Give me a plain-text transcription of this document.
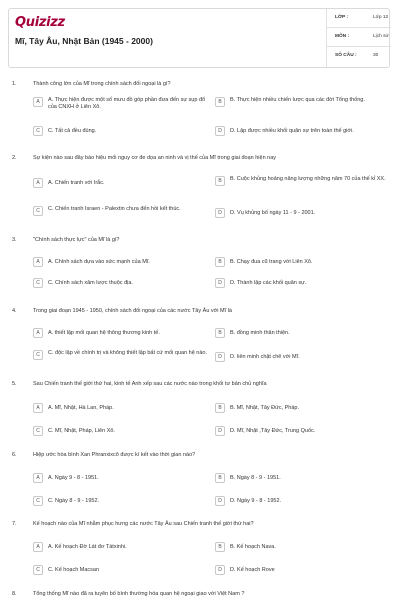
Quizizz
Mĩ, Tây Âu, Nhật Bản (1945 - 2000)
LỚP :	Lớp 12
MÔN :	Lịch sử
SỐ CÂU :	30
1.	Thành công lớn của Mĩ trong chính sách đối ngoại là gì?
A	A. Thực hiện được một số mưu đồ góp phần đưa đến sự sụp đổ của CNXH ở Liên Xô.
B	B. Thực hiện nhiều chiến lược qua các đời Tổng thống.
C	C. Tất cả đều đúng.	D	D. Lập được nhiều khối quân sự trên toàn thế giới.
2.	Sự kiện nào sau đây báo hiệu mối nguy cơ đe dọa an ninh và vị thế của Mĩ trong giai đoạn hiện nay
A	A. Chiến tranh với Irắc.	B	B. Cuộc khủng hoảng năng lượng những năm 70 của thế kỉ XX.
C	C. Chiến tranh Israen - Palextin chưa đến hồi kết thúc.
D	D. Vụ khủng bố ngày 11 - 9 - 2001.
3.	"Chính sách thực lực" của Mĩ là gì?
A	A. Chính sách dựa vào sức mạnh của Mĩ.	B	B. Chạy đua cũ trang với Liên Xô.
C	C. Chính sách xâm lược thuộc địa.	D	D. Thành lập các khối quân sự.
4.	Trong giai đoạn 1945 - 1950, chính sách đối ngoại của các nước Tây Âu với Mĩ là
A	A. thiết lập mối quan hệ thông thương kinh tế.	B	B. đồng minh thân thiện.
C	C. độc lập về chính trị và không thiết lập bất cứ mối quan hệ nào.
D	D. liên minh chặt chẽ với Mĩ.
5.	Sau Chiến tranh thế giới thứ hai, kinh tế Anh xếp sau các nước nào trong khối tư bản chủ nghĩa
A	A. Mĩ, Nhật, Hà Lan, Pháp.	B	B. Mĩ, Nhật, Tây Đức, Pháp.
C	C. Mĩ, Nhật, Pháp, Liên Xô.	D	D. Mĩ, Nhật ,Tây Đức, Trung Quốc.
6.	Hiệp ước hòa bình Xan Phranxixcô được kí kết vào thời gian nào?
A	A. Ngày 9 - 8 - 1951.	B	B. Ngày 8 - 9 - 1951.
C	C. Ngày 8 - 9 - 1952.	D	D. Ngày 9 - 8 - 1952.
7.	Kế hoạch nào của Mĩ nhằm phục hưng các nước Tây Âu sau Chiến tranh thế giới thứ hai?
A	A. Kế hoạch Đờ Lát đơ Tátxinhi.	B	B. Kế hoạch Nava.
C	C. Kế hoạch Macsan	D	D. Kế hoạch Rove
8.	Tổng thống Mĩ nào đã ra tuyên bố bình thường hóa quan hệ ngoại giao với Việt Nam ?
